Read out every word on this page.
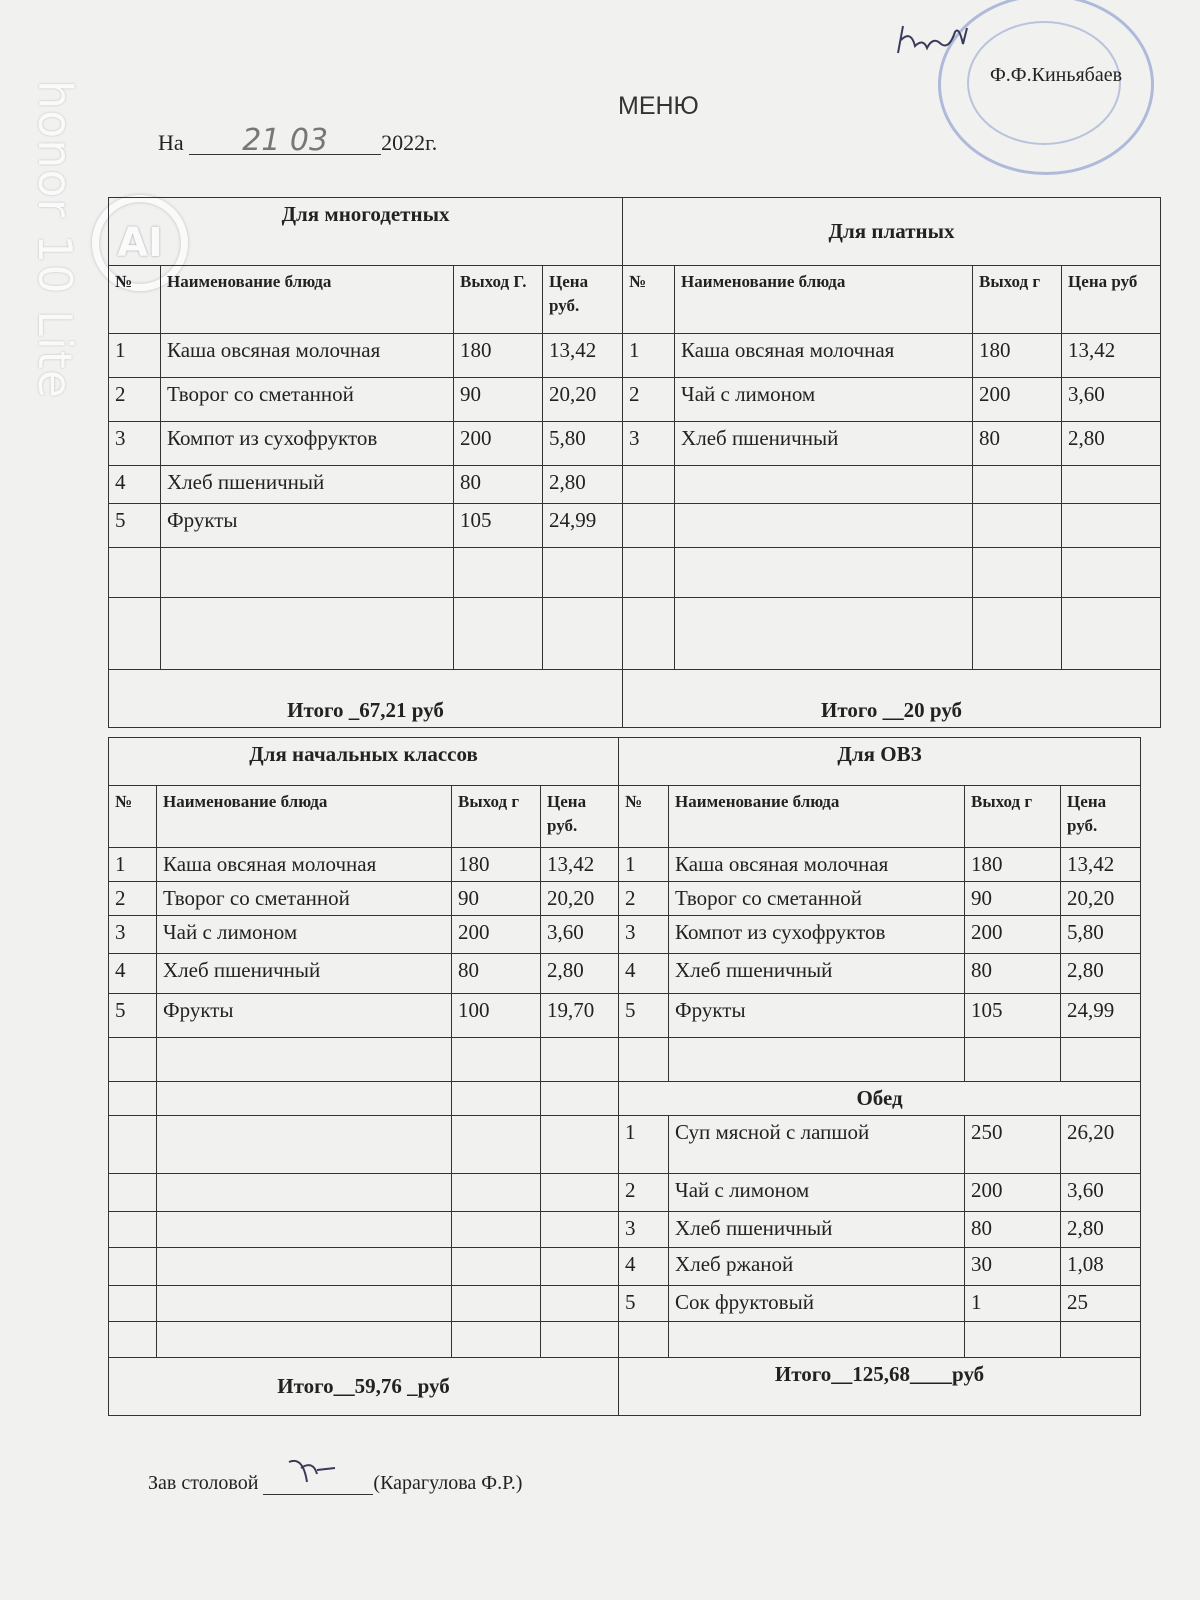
honor 10 Lite AI
Ф.Ф.Киньябаев
МЕНЮ
На 21 03 2022г.
Для многодетных				Для платных			
№	Наименование блюда	Выход Г.	Цена руб.	№	Наименование блюда	Выход г	Цена руб
1	Каша овсяная молочная	180	13,42	1	Каша овсяная молочная	180	13,42
2	Творог со сметанной	90	20,20	2	Чай с лимоном	200	3,60
3	Компот из сухофруктов	200	5,80	3	Хлеб пшеничный	80	2,80
4	Хлеб пшеничный	80	2,80				
5	Фрукты	105	24,99				

Итого _67,21 руб				Итого __20 руб			
Для начальных классов				Для ОВЗ			
№	Наименование блюда	Выход г	Цена руб.	№	Наименование блюда	Выход г	Цена руб.
1	Каша овсяная молочная	180	13,42	1	Каша овсяная молочная	180	13,42
2	Творог со сметанной	90	20,20	2	Творог со сметанной	90	20,20
3	Чай с лимоном	200	3,60	3	Компот из сухофруктов	200	5,80
4	Хлеб пшеничный	80	2,80	4	Хлеб пшеничный	80	2,80
5	Фрукты	100	19,70	5	Фрукты	105	24,99

				Обед			
				1	Суп мясной с лапшой	250	26,20
				2	Чай с лимоном	200	3,60
				3	Хлеб пшеничный	80	2,80
				4	Хлеб ржаной	30	1,08
				5	Сок фруктовый	1	25

Итого__59,76 _руб				Итого__125,68____руб			
Зав столовой	(Карагулова Ф.Р.)
